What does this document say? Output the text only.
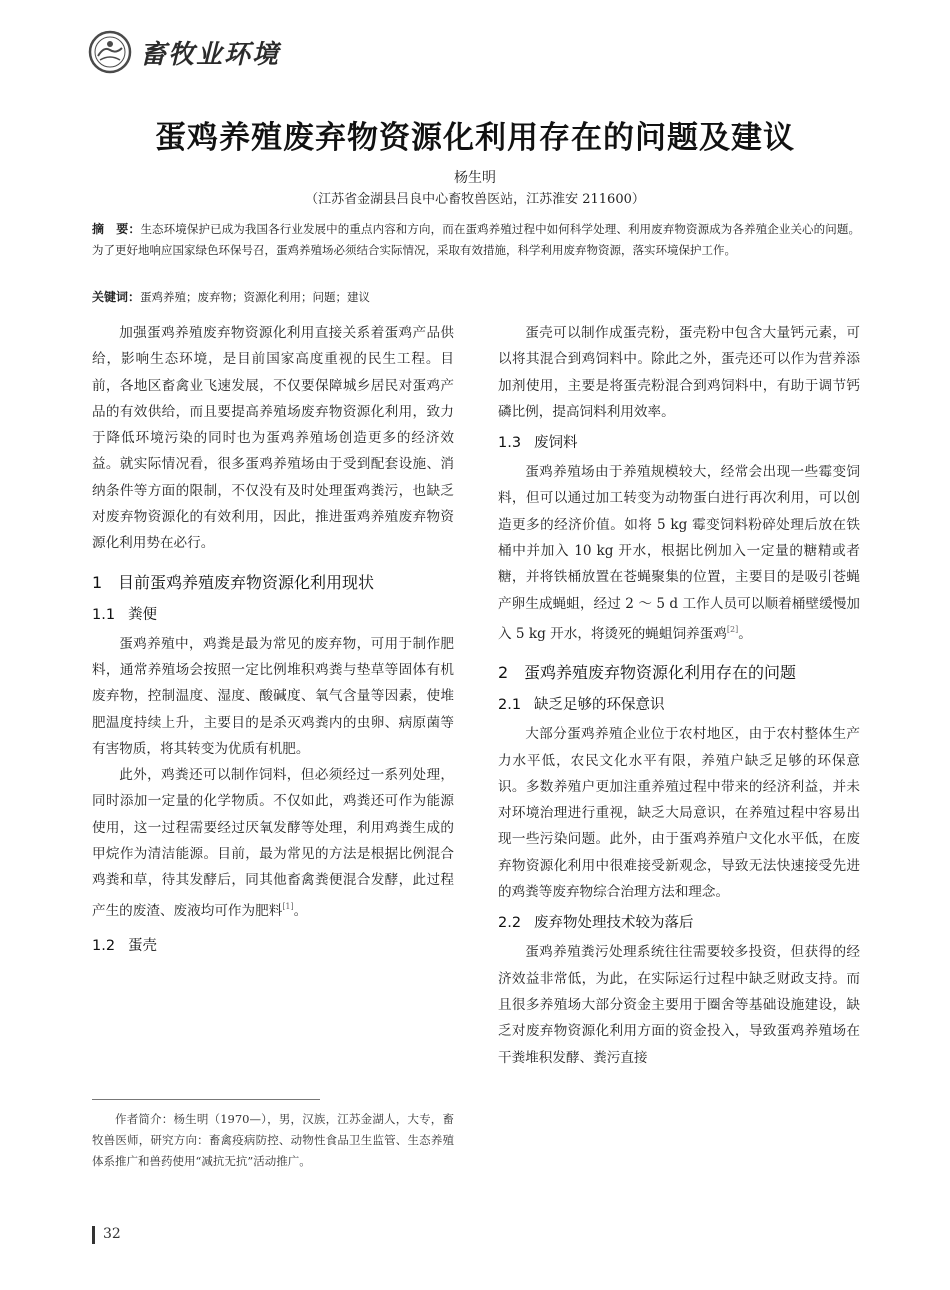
畜牧业环境
蛋鸡养殖废弃物资源化利用存在的问题及建议
杨生明
（江苏省金湖县吕良中心畜牧兽医站，江苏淮安 211600）
摘　要：生态环境保护已成为我国各行业发展中的重点内容和方向，而在蛋鸡养殖过程中如何科学处理、利用废弃物资源成为各养殖企业关心的问题。为了更好地响应国家绿色环保号召，蛋鸡养殖场必须结合实际情况，采取有效措施，科学利用废弃物资源，落实环境保护工作。
关键词：蛋鸡养殖；废弃物；资源化利用；问题；建议

加强蛋鸡养殖废弃物资源化利用直接关系着蛋鸡产品供给，影响生态环境，是目前国家高度重视的民生工程。目前，各地区畜禽业飞速发展，不仅要保障城乡居民对蛋鸡产品的有效供给，而且要提高养殖场废弃物资源化利用，致力于降低环境污染的同时也为蛋鸡养殖场创造更多的经济效益。就实际情况看，很多蛋鸡养殖场由于受到配套设施、消纳条件等方面的限制，不仅没有及时处理蛋鸡粪污，也缺乏对废弃物资源化的有效利用，因此，推进蛋鸡养殖废弃物资源化利用势在必行。

1 目前蛋鸡养殖废弃物资源化利用现状
1.1 粪便

蛋鸡养殖中，鸡粪是最为常见的废弃物，可用于制作肥料，通常养殖场会按照一定比例堆积鸡粪与垫草等固体有机废弃物，控制温度、湿度、酸碱度、氧气含量等因素，使堆肥温度持续上升，主要目的是杀灭鸡粪内的虫卵、病原菌等有害物质，将其转变为优质有机肥。

此外，鸡粪还可以制作饲料，但必须经过一系列处理，同时添加一定量的化学物质。不仅如此，鸡粪还可作为能源使用，这一过程需要经过厌氧发酵等处理，利用鸡粪生成的甲烷作为清洁能源。目前，最为常见的方法是根据比例混合鸡粪和草，待其发酵后，同其他畜禽粪便混合发酵，此过程产生的废渣、废液均可作为肥料[1]。

1.2 蛋壳

蛋壳可以制作成蛋壳粉，蛋壳粉中包含大量钙元素，可以将其混合到鸡饲料中。除此之外，蛋壳还可以作为营养添加剂使用，主要是将蛋壳粉混合到鸡饲料中，有助于调节钙磷比例，提高饲料利用效率。

1.3 废饲料

蛋鸡养殖场由于养殖规模较大，经常会出现一些霉变饲料，但可以通过加工转变为动物蛋白进行再次利用，可以创造更多的经济价值。如将 5 kg 霉变饲料粉碎处理后放在铁桶中并加入 10 kg 开水，根据比例加入一定量的糖精或者糖，并将铁桶放置在苍蝇聚集的位置，主要目的是吸引苍蝇产卵生成蝇蛆，经过 2 ～ 5 d 工作人员可以顺着桶壁缓慢加入 5 kg 开水，将烫死的蝇蛆饲养蛋鸡[2]。

2 蛋鸡养殖废弃物资源化利用存在的问题
2.1 缺乏足够的环保意识

大部分蛋鸡养殖企业位于农村地区，由于农村整体生产力水平低，农民文化水平有限，养殖户缺乏足够的环保意识。多数养殖户更加注重养殖过程中带来的经济利益，并未对环境治理进行重视，缺乏大局意识，在养殖过程中容易出现一些污染问题。此外，由于蛋鸡养殖户文化水平低，在废弃物资源化利用中很难接受新观念，导致无法快速接受先进的鸡粪等废弃物综合治理方法和理念。

2.2 废弃物处理技术较为落后

蛋鸡养殖粪污处理系统往往需要较多投资，但获得的经济效益非常低，为此，在实际运行过程中缺乏财政支持。而且很多养殖场大部分资金主要用于圈舍等基础设施建设，缺乏对废弃物资源化利用方面的资金投入，导致蛋鸡养殖场在干粪堆积发酵、粪污直接

作者简介：杨生明（1970—），男，汉族，江苏金湖人，大专，畜牧兽医师，研究方向：畜禽疫病防控、动物性食品卫生监管、生态养殖体系推广和兽药使用“减抗无抗”活动推广。
32
